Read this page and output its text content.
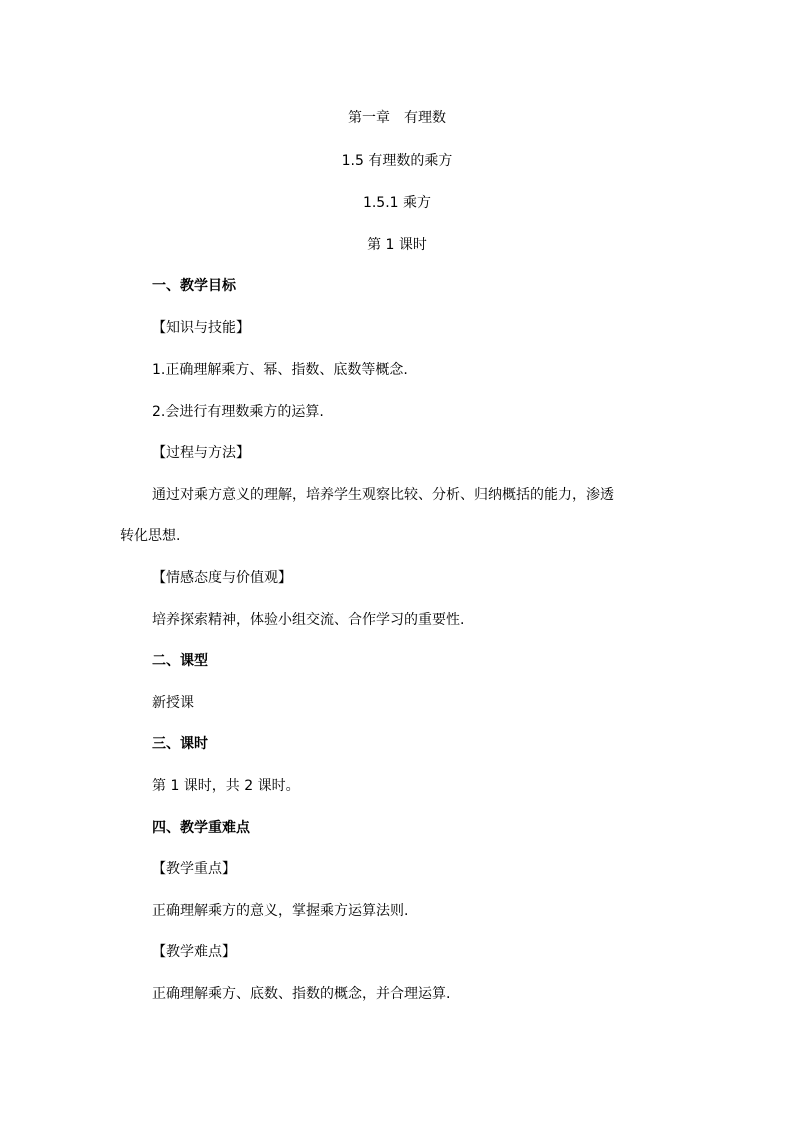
第一章　有理数
1.5 有理数的乘方
1.5.1 乘方
第 1 课时
一、教学目标
【知识与技能】
1.正确理解乘方、幂、指数、底数等概念.
2.会进行有理数乘方的运算.
【过程与方法】
通过对乘方意义的理解，培养学生观察比较、分析、归纳概括的能力，渗透
转化思想.
【情感态度与价值观】
培养探索精神，体验小组交流、合作学习的重要性.
二、课型
新授课
三、课时
第 1 课时，共 2 课时。
四、教学重难点
【教学重点】
正确理解乘方的意义，掌握乘方运算法则.
【教学难点】
正确理解乘方、底数、指数的概念，并合理运算.
